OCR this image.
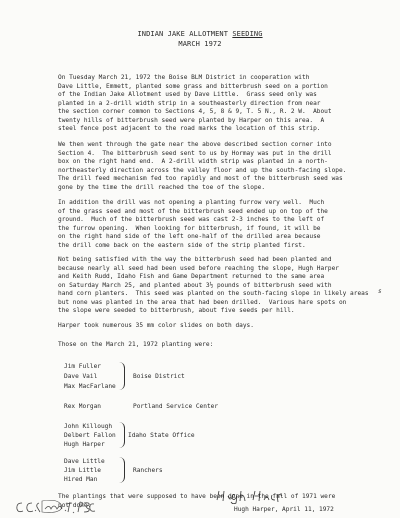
INDIAN JAKE ALLOTMENT SEEDING
MARCH 1972
On Tuesday March 21, 1972 the Boise BLM District in cooperation with
Dave Little, Emmett, planted some grass and bitterbrush seed on a portion
of the Indian Jake Allotment used by Dave Little.  Grass seed only was
planted in a 2-drill width strip in a southeasterly direction from near
the section corner common to Sections 4, 5, 8 & 9, T. 5 N., R. 2 W.  About
twenty hills of bitterbrush seed were planted by Harper on this area.  A
steel fence post adjacent to the road marks the location of this strip.
We then went through the gate near the above described section corner into
Section 4.  The bitterbrush seed sent to us by Hormay was put in the drill
box on the right hand end.  A 2-drill width strip was planted in a north-
northeasterly direction across the valley floor and up the south-facing slope.
The drill feed mechanism fed too rapidly and most of the bitterbrush seed was
gone by the time the drill reached the toe of the slope.
In addition the drill was not opening a planting furrow very well.  Much
of the grass seed and most of the bitterbrush seed ended up on top of the
ground.  Much of the bitterbrush seed was cast 2-3 inches to the left of
the furrow opening.  When looking for bitterbrush, if found, it will be
on the right hand side of the left one-half of the drilled area because
the drill come back on the eastern side of the strip planted first.
Not being satisfied with the way the bitterbrush seed had been planted and
because nearly all seed had been used before reaching the slope, Hugh Harper
and Keith Rudd, Idaho Fish and Game Department returned to the same area
on Saturday March 25, and planted about 3½ pounds of bitterbrush seed with
hand corn planters.  This seed was planted on the south-facing slope in likely areas
but none was planted in the area that had been drilled.  Various hare spots on
the slope were seeded to bitterbrush, about five seeds per hill.
s
Harper took numerous 35 mm color slides on both days.
Those on the March 21, 1972 planting were:
Jim Fuller
Dave Vail
Max MacFarlane
Boise District
Rex Morgan	Portland Service Center
John Killough
Delbert Fallon
Hugh Harper
Idaho State Office
Dave Little
Jim Little
Hired Man
Ranchers
The plantings that were supposed to have been done in the fall of 1971 were
not done.
Hugh Harper, April 11, 1972
